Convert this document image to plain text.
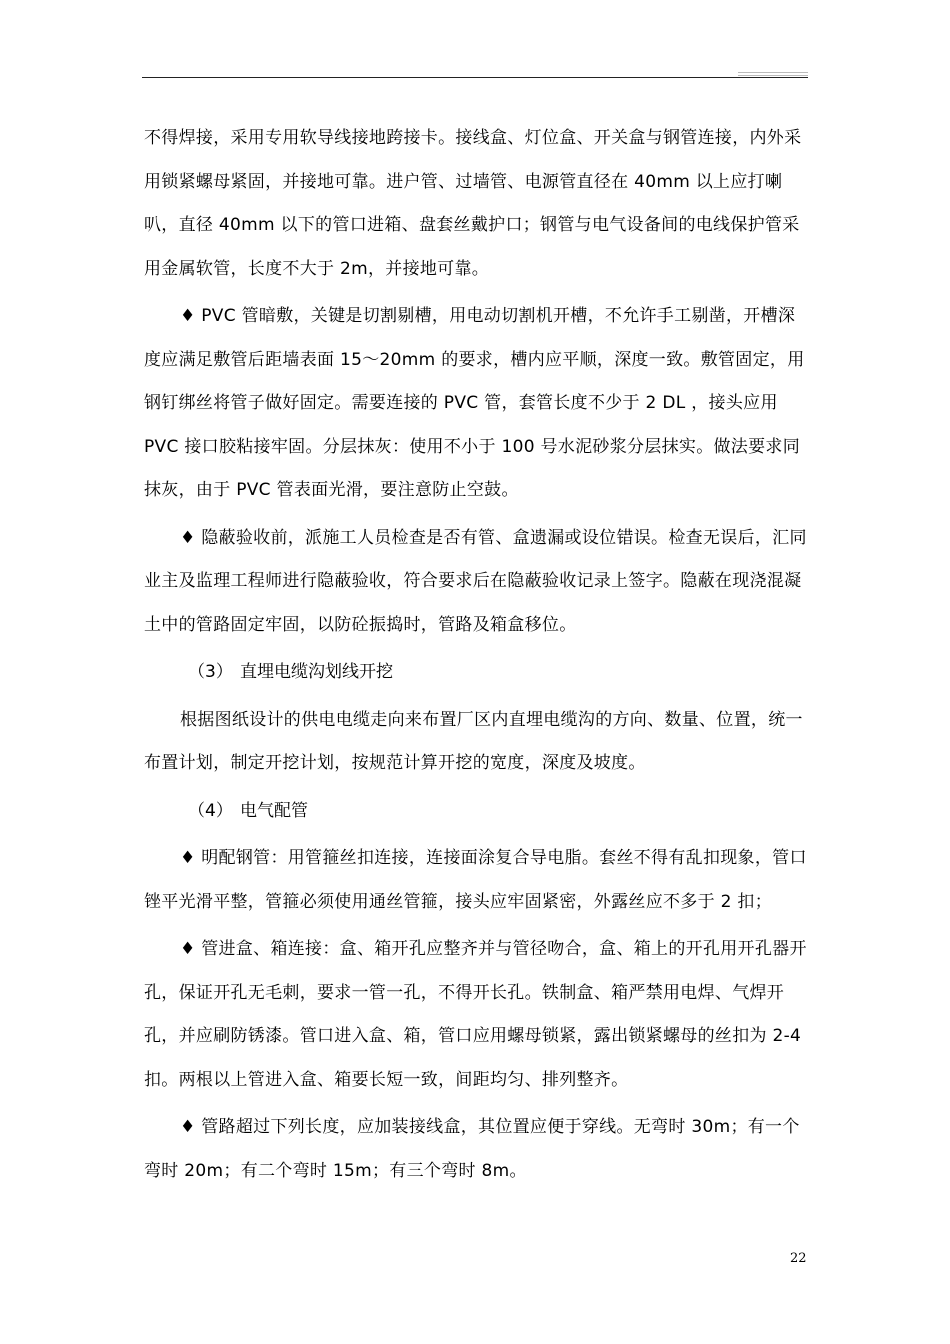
不得焊接，采用专用软导线接地跨接卡。接线盒、灯位盒、开关盒与钢管连接，内外采用锁紧螺母紧固，并接地可靠。进户管、过墙管、电源管直径在 40mm 以上应打喇叭，直径 40mm 以下的管口进箱、盘套丝戴护口；钢管与电气设备间的电线保护管采用金属软管，长度不大于 2m，并接地可靠。

♦ PVC 管暗敷，关键是切割剔槽，用电动切割机开槽，不允许手工剔凿，开槽深度应满足敷管后距墙表面 15～20mm 的要求，槽内应平顺，深度一致。敷管固定，用钢钉绑丝将管子做好固定。需要连接的 PVC 管，套管长度不少于 2 DL ，接头应用 PVC 接口胶粘接牢固。分层抹灰：使用不小于 100 号水泥砂浆分层抹实。做法要求同抹灰，由于 PVC 管表面光滑，要注意防止空鼓。

♦ 隐蔽验收前，派施工人员检查是否有管、盒遗漏或设位错误。检查无误后，汇同业主及监理工程师进行隐蔽验收，符合要求后在隐蔽验收记录上签字。隐蔽在现浇混凝土中的管路固定牢固，以防砼振捣时，管路及箱盒移位。

（3） 直埋电缆沟划线开挖

根据图纸设计的供电电缆走向来布置厂区内直埋电缆沟的方向、数量、位置，统一布置计划，制定开挖计划，按规范计算开挖的宽度，深度及坡度。

（4） 电气配管

♦ 明配钢管：用管箍丝扣连接，连接面涂复合导电脂。套丝不得有乱扣现象，管口锉平光滑平整，管箍必须使用通丝管箍，接头应牢固紧密，外露丝应不多于 2 扣；

♦ 管进盒、箱连接：盒、箱开孔应整齐并与管径吻合，盒、箱上的开孔用开孔器开孔，保证开孔无毛刺，要求一管一孔，不得开长孔。铁制盒、箱严禁用电焊、气焊开孔，并应刷防锈漆。管口进入盒、箱，管口应用螺母锁紧，露出锁紧螺母的丝扣为 2-4 扣。两根以上管进入盒、箱要长短一致，间距均匀、排列整齐。

♦ 管路超过下列长度，应加装接线盒，其位置应便于穿线。无弯时 30m；有一个弯时 20m；有二个弯时 15m；有三个弯时 8m。

22
